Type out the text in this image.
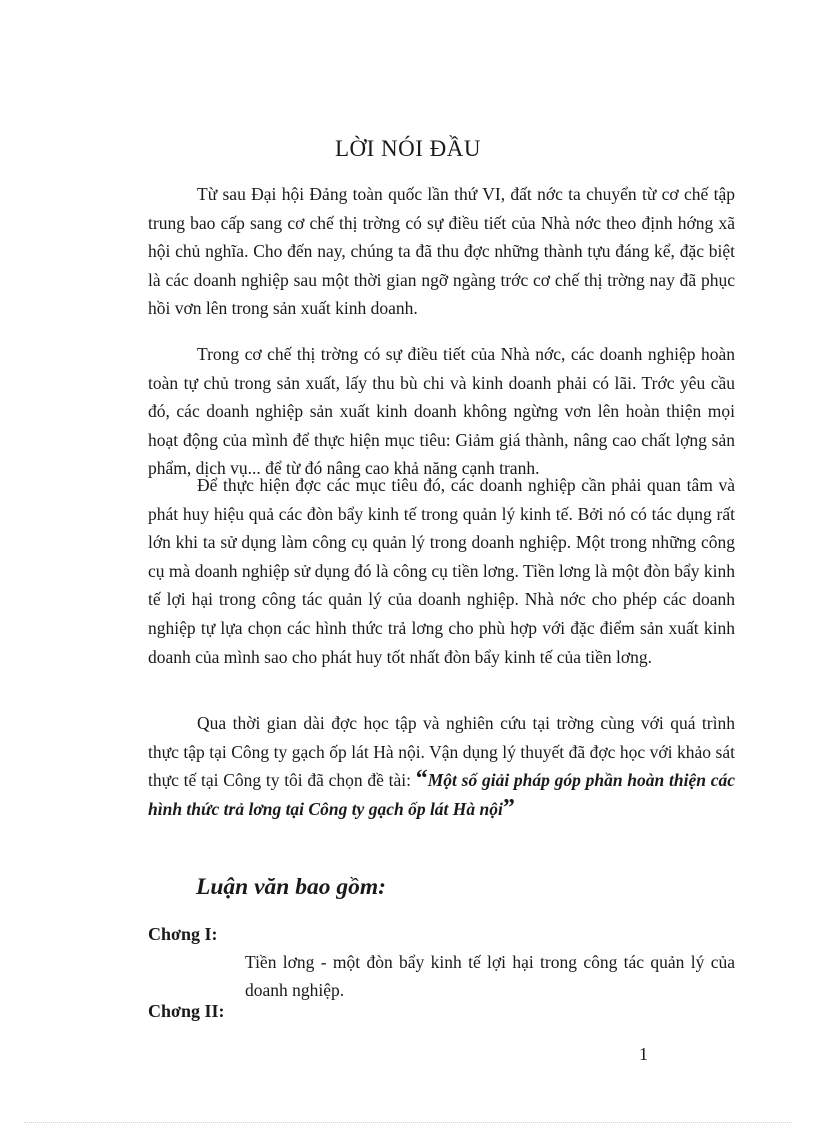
LỜI NÓI ĐẦU

Từ sau Đại hội Đảng toàn quốc lần thứ VI, đất nớc ta chuyển từ cơ chế tập trung bao cấp sang cơ chế thị trờng có sự điều tiết của Nhà nớc theo định hớng xã hội chủ nghĩa. Cho đến nay, chúng ta đã thu đợc những thành tựu đáng kể, đặc biệt là các doanh nghiệp sau một thời gian ngỡ ngàng trớc cơ chế thị trờng nay đã phục hồi vơn lên trong sản xuất kinh doanh.

Trong cơ chế thị trờng có sự điều tiết của Nhà nớc, các doanh nghiệp hoàn toàn tự chủ trong sản xuất, lấy thu bù chi và kinh doanh phải có lãi. Trớc yêu cầu đó, các doanh nghiệp sản xuất kinh doanh không ngừng vơn lên hoàn thiện mọi hoạt động của mình để thực hiện mục tiêu: Giảm giá thành, nâng cao chất lợng sản phẩm, dịch vụ... để từ đó nâng cao khả năng cạnh tranh.

Để thực hiện đợc các mục tiêu đó, các doanh nghiệp cần phải quan tâm và phát huy hiệu quả các đòn bẩy kinh tế trong quản lý kinh tế. Bởi nó có tác dụng rất lớn khi ta sử dụng làm công cụ quản lý trong doanh nghiệp. Một trong những công cụ mà doanh nghiệp sử dụng đó là công cụ tiền lơng. Tiền lơng là một đòn bẩy kinh tế lợi hại trong công tác quản lý của doanh nghiệp. Nhà nớc cho phép các doanh nghiệp tự lựa chọn các hình thức trả lơng cho phù hợp với đặc điểm sản xuất kinh doanh của mình sao cho phát huy tốt nhất đòn bẩy kinh tế của tiền lơng.

Qua thời gian dài đợc học tập và nghiên cứu tại trờng cùng với quá trình thực tập tại Công ty gạch ốp lát Hà nội. Vận dụng lý thuyết đã đợc học với khảo sát thực tế tại Công ty tôi đã chọn đề tài: “Một số giải pháp góp phần hoàn thiện các hình thức trả lơng tại Công ty gạch ốp lát Hà nội”

Luận văn bao gồm:
Chơng I:
Tiền lơng - một đòn bẩy kinh tế lợi hại trong công tác quản lý của doanh nghiệp.
Chơng II:
1
